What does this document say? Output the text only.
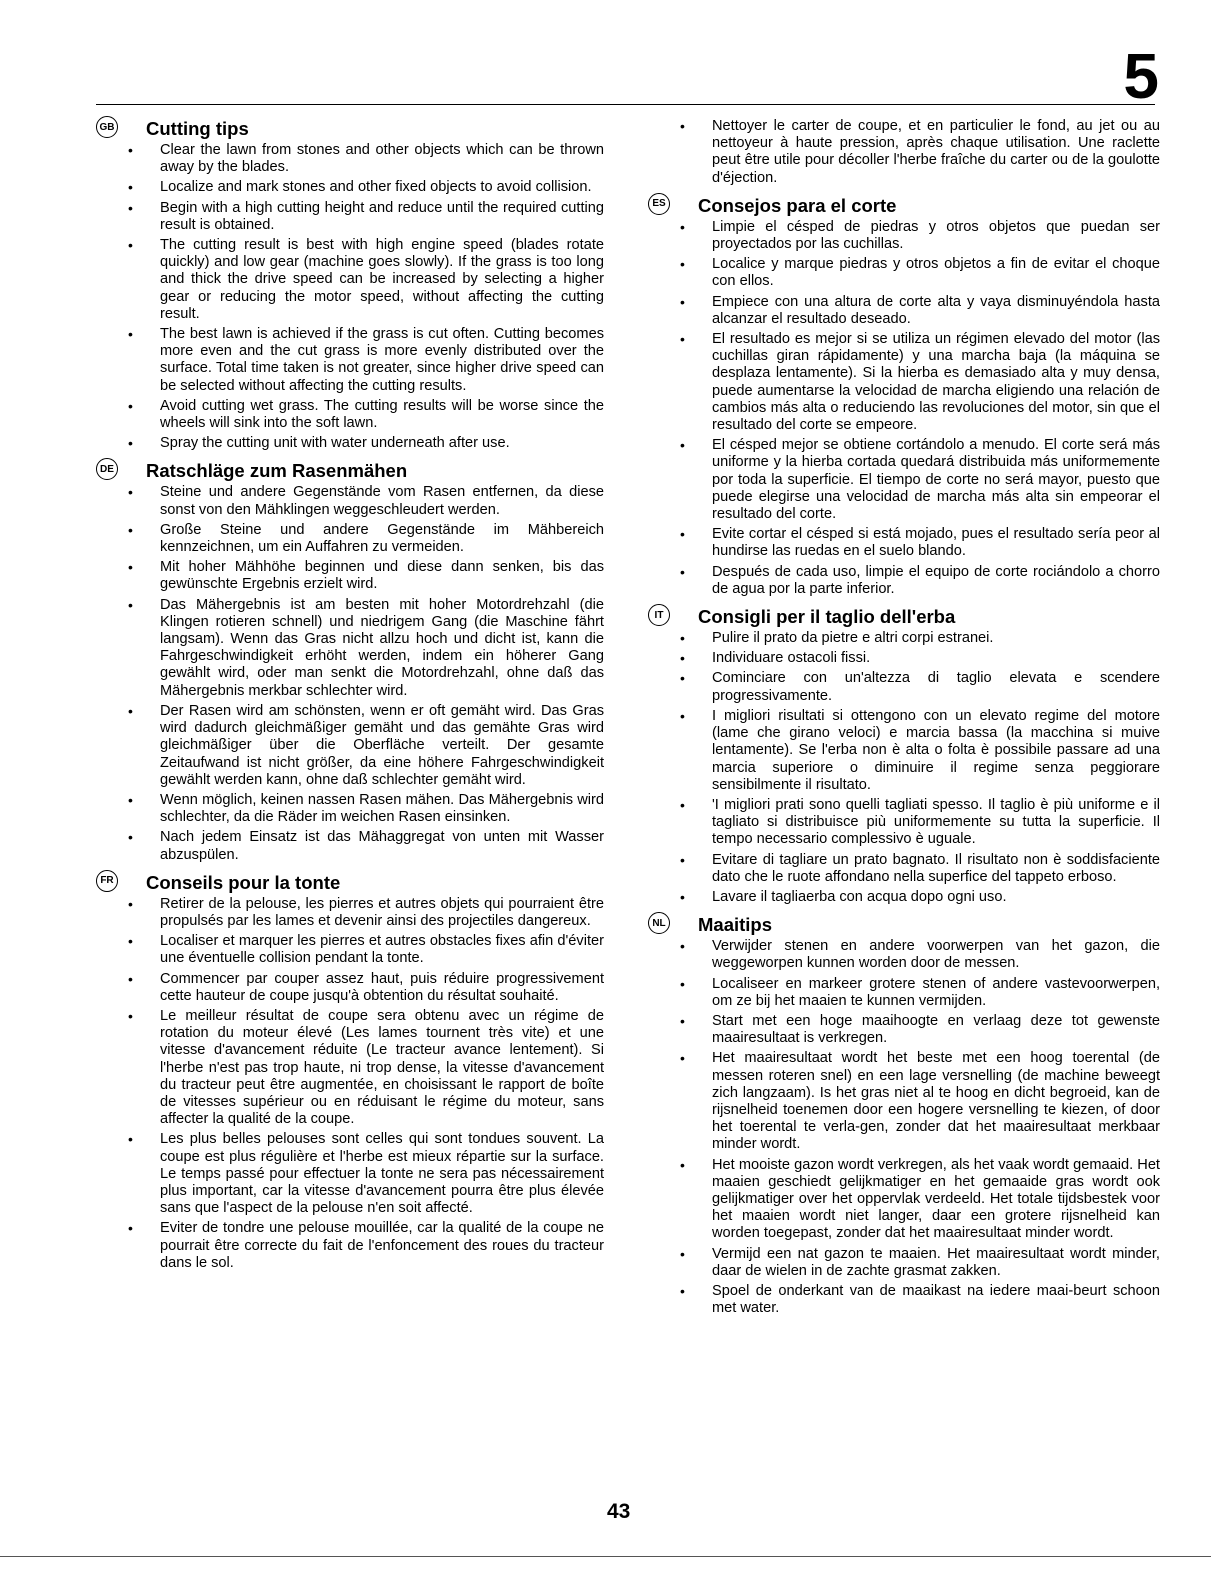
5
GB Cutting tips
• Clear the lawn from stones and other objects which can be thrown away by the blades.
• Localize and mark stones and other fixed objects to avoid collision.
• Begin with a high cutting height and reduce until the required cutting result is obtained.
• The cutting result is best with high engine speed (blades rotate quickly) and low gear (machine goes slowly). If the grass is too long and thick the drive speed can be increased by selecting a higher gear or reducing the motor speed, without affecting the cutting result.
• The best lawn is achieved if the grass is cut often. Cutting becomes more even and the cut grass is more evenly distributed over the surface. Total time taken is not greater, since higher drive speed can be selected without affecting the cutting results.
• Avoid cutting wet grass. The cutting results will be worse since the wheels will sink into the soft lawn.
• Spray the cutting unit with water underneath after use.
DE Ratschläge zum Rasenmähen
• Steine und andere Gegenstände vom Rasen entfernen, da diese sonst von den Mähklingen weggeschleudert werden.
• Große Steine und andere Gegenstände im Mähbereich kennzeichnen, um ein Auffahren zu vermeiden.
• Mit hoher Mähhöhe beginnen und diese dann senken, bis das gewünschte Ergebnis erzielt wird.
• Das Mähergebnis ist am besten mit hoher Motordrehzahl (die Klingen rotieren schnell) und niedrigem Gang (die Maschine fährt langsam). Wenn das Gras nicht allzu hoch und dicht ist, kann die Fahrgeschwindigkeit erhöht werden, indem ein höherer Gang gewählt wird, oder man senkt die Motordrehzahl, ohne daß das Mähergebnis merkbar schlechter wird.
• Der Rasen wird am schönsten, wenn er oft gemäht wird. Das Gras wird dadurch gleichmäßiger gemäht und das gemähte Gras wird gleichmäßiger über die Oberfläche verteilt. Der gesamte Zeitaufwand ist nicht größer, da eine höhere Fahrgeschwindigkeit gewählt werden kann, ohne daß schlechter gemäht wird.
• Wenn möglich, keinen nassen Rasen mähen. Das Mähergebnis wird schlechter, da die Räder im weichen Rasen einsinken.
• Nach jedem Einsatz ist das Mähaggregat von unten mit Wasser abzuspülen.
FR Conseils pour la tonte
• Retirer de la pelouse, les pierres et autres objets qui pourraient être propulsés par les lames et devenir ainsi des projectiles dangereux.
• Localiser et marquer les pierres et autres obstacles fixes afin d'éviter une éventuelle collision pendant la tonte.
• Commencer par couper assez haut, puis réduire progressivement cette hauteur de coupe jusqu'à obtention du résultat souhaité.
• Le meilleur résultat de coupe sera obtenu avec un régime de rotation du moteur élevé (Les lames tournent très vite) et une vitesse d'avancement réduite (Le tracteur avance lentement). Si l'herbe n'est pas trop haute, ni trop dense, la vitesse d'avancement du tracteur peut être augmentée, en choisissant le rapport de boîte de vitesses supérieur ou en réduisant le régime du moteur, sans affecter la qualité de la coupe.
• Les plus belles pelouses sont celles qui sont tondues souvent. La coupe est plus régulière et l'herbe est mieux répartie sur la surface. Le temps passé pour effectuer la tonte ne sera pas nécessairement plus important, car la vitesse d'avancement pourra être plus élevée sans que l'aspect de la pelouse n'en soit affecté.
• Eviter de tondre une pelouse mouillée, car la qualité de la coupe ne pourrait être correcte du fait de l'enfoncement des roues du tracteur dans le sol.
• Nettoyer le carter de coupe, et en particulier le fond, au jet ou au nettoyeur à haute pression, après chaque utilisation. Une raclette peut être utile pour décoller l'herbe fraîche du carter ou de la goulotte d'éjection.
ES Consejos para el corte
• Limpie el césped de piedras y otros objetos que puedan ser proyectados por las cuchillas.
• Localice y marque piedras y otros objetos a fin de evitar el choque con ellos.
• Empiece con una altura de corte alta y vaya disminuyéndola hasta alcanzar el resultado deseado.
• El resultado es mejor si se utiliza un régimen elevado del motor (las cuchillas giran rápidamente) y una marcha baja (la máquina se desplaza lentamente). Si la hierba es demasiado alta y muy densa, puede aumentarse la velocidad de marcha eligiendo una relación de cambios más alta o reduciendo las revoluciones del motor, sin que el resultado del corte se empeore.
• El césped mejor se obtiene cortándolo a menudo. El corte será más uniforme y la hierba cortada quedará distribuida más uniformemente por toda la superficie. El tiempo de corte no será mayor, puesto que puede elegirse una velocidad de marcha más alta sin empeorar el resultado del corte.
• Evite cortar el césped si está mojado, pues el resultado sería peor al hundirse las ruedas en el suelo blando.
• Después de cada uso, limpie el equipo de corte rociándolo a chorro de agua por la parte inferior.
IT	Consigli per il taglio dell'erba
• Pulire il prato da pietre e altri corpi estranei.
• Individuare ostacoli fissi.
• Cominciare con un'altezza di taglio elevata e scendere progressivamente.
• I migliori risultati si ottengono con un elevato regime del motore (lame che girano veloci) e marcia bassa (la macchina si muive lentamente). Se l'erba non è alta o folta è possibile passare ad una marcia superiore o diminuire il regime senza peggiorare sensibilmente il risultato.
• 'I migliori prati sono quelli tagliati spesso. Il taglio è più uniforme e il tagliato si distribuisce più uniformemente su tutta la superficie. Il tempo necessario complessivo è uguale.
• Evitare di tagliare un prato bagnato. Il risultato non è soddisfaciente dato che le ruote affondano nella superfice del tappeto erboso.
• Lavare il tagliaerba con acqua dopo ogni uso.
NL Maaitips
• Verwijder stenen en andere voorwerpen van het gazon, die weggeworpen kunnen worden door de messen.
• Localiseer en markeer grotere stenen of andere vastevoorwerpen, om ze bij het maaien te kunnen vermijden.
• Start met een hoge maaihoogte en verlaag deze tot gewenste maairesultaat is verkregen.
• Het maairesultaat wordt het beste met een hoog toerental (de messen roteren snel) en een lage versnelling (de machine beweegt zich langzaam). Is het gras niet al te hoog en dicht begroeid, kan de rijsnelheid toenemen door een hogere versnelling te kiezen, of door het toerental te verla-gen, zonder dat het maairesultaat merkbaar minder wordt.
• Het mooiste gazon wordt verkregen, als het vaak wordt gemaaid. Het maaien geschiedt gelijkmatiger en het gemaaide gras wordt ook gelijkmatiger over het oppervlak verdeeld. Het totale tijdsbestek voor het maaien wordt niet langer, daar een grotere rijsnelheid kan worden toegepast, zonder dat het maairesultaat minder wordt.
• Vermijd een nat gazon te maaien. Het maairesultaat wordt minder, daar de wielen in de zachte grasmat zakken.
• Spoel de onderkant van de maaikast na iedere maai-beurt schoon met water.
43
